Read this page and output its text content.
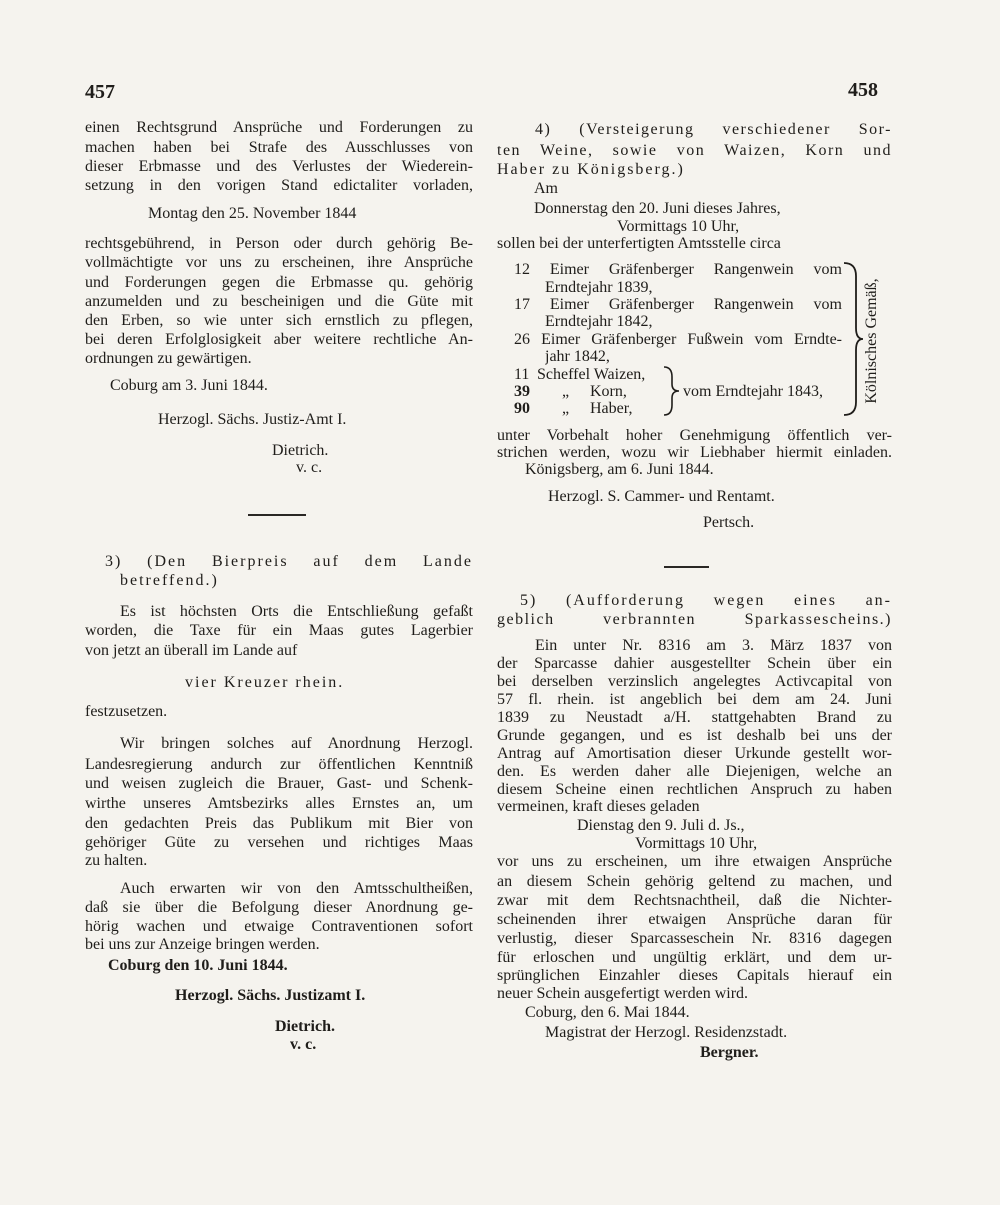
457	458
einen Rechtsgrund Ansprüche und Forderungen zu
machen haben bei Strafe des Ausschlusses von
dieser Erbmasse und des Verlustes der Wiederein-
setzung in den vorigen Stand edictaliter vorladen,
Montag den 25. November 1844
rechtsgebührend, in Person oder durch gehörig Be-
vollmächtigte vor uns zu erscheinen, ihre Ansprüche
und Forderungen gegen die Erbmasse qu. gehörig
anzumelden und zu bescheinigen und die Güte mit
den Erben, so wie unter sich ernstlich zu pflegen,
bei deren Erfolglosigkeit aber weitere rechtliche An-
ordnungen zu gewärtigen.
Coburg am 3. Juni 1844.
Herzogl. Sächs. Justiz-Amt I.
Dietrich.
v. c.
3) (Den Bierpreis auf dem Lande
betreffend.)
Es ist höchsten Orts die Entschließung gefaßt
worden, die Taxe für ein Maas gutes Lagerbier
von jetzt an überall im Lande auf
vier Kreuzer rhein.
festzusetzen.
Wir bringen solches auf Anordnung Herzogl.
Landesregierung andurch zur öffentlichen Kenntniß
und weisen zugleich die Brauer, Gast- und Schenk-
wirthe unseres Amtsbezirks alles Ernstes an, um
den gedachten Preis das Publikum mit Bier von
gehöriger Güte zu versehen und richtiges Maas
zu halten.
Auch erwarten wir von den Amtsschultheißen,
daß sie über die Befolgung dieser Anordnung ge-
hörig wachen und etwaige Contraventionen sofort
bei uns zur Anzeige bringen werden.
Coburg den 10. Juni 1844.
Herzogl. Sächs. Justizamt I.
Dietrich.
v. c.
4) (Versteigerung verschiedener Sor-
ten Weine, sowie von Waizen, Korn und
Haber zu Königsberg.)
Am
Donnerstag den 20. Juni dieses Jahres,
Vormittags 10 Uhr,
sollen bei der unterfertigten Amtsstelle circa
12 Eimer Gräfenberger Rangenwein vom
Erndtejahr 1839,
17 Eimer Gräfenberger Rangenwein vom
Erndtejahr 1842,
26 Eimer Gräfenberger Fußwein vom Erndte-
jahr 1842,
11 Scheffel Waizen,
39	„	Korn,
90	„	Haber,
vom Erndtejahr 1843,	Kölnisches Gemäß,
unter Vorbehalt hoher Genehmigung öffentlich ver-
strichen werden, wozu wir Liebhaber hiermit einladen.
Königsberg, am 6. Juni 1844.
Herzogl. S. Cammer- und Rentamt.
Pertsch.
5) (Aufforderung wegen eines an-
geblich verbrannten Sparkassescheins.)
Ein unter Nr. 8316 am 3. März 1837 von
der Sparcasse dahier ausgestellter Schein über ein
bei derselben verzinslich angelegtes Activcapital von
57 fl. rhein. ist angeblich bei dem am 24. Juni
1839 zu Neustadt a/H. stattgehabten Brand zu
Grunde gegangen, und es ist deshalb bei uns der
Antrag auf Amortisation dieser Urkunde gestellt wor-
den. Es werden daher alle Diejenigen, welche an
diesem Scheine einen rechtlichen Anspruch zu haben
vermeinen, kraft dieses geladen
Dienstag den 9. Juli d. Js.,
Vormittags 10 Uhr,
vor uns zu erscheinen, um ihre etwaigen Ansprüche
an diesem Schein gehörig geltend zu machen, und
zwar mit dem Rechtsnachtheil, daß die Nichter-
scheinenden ihrer etwaigen Ansprüche daran für
verlustig, dieser Sparcasseschein Nr. 8316 dagegen
für erloschen und ungültig erklärt, und dem ur-
sprünglichen Einzahler dieses Capitals hierauf ein
neuer Schein ausgefertigt werden wird.
Coburg, den 6. Mai 1844.
Magistrat der Herzogl. Residenzstadt.
Bergner.
